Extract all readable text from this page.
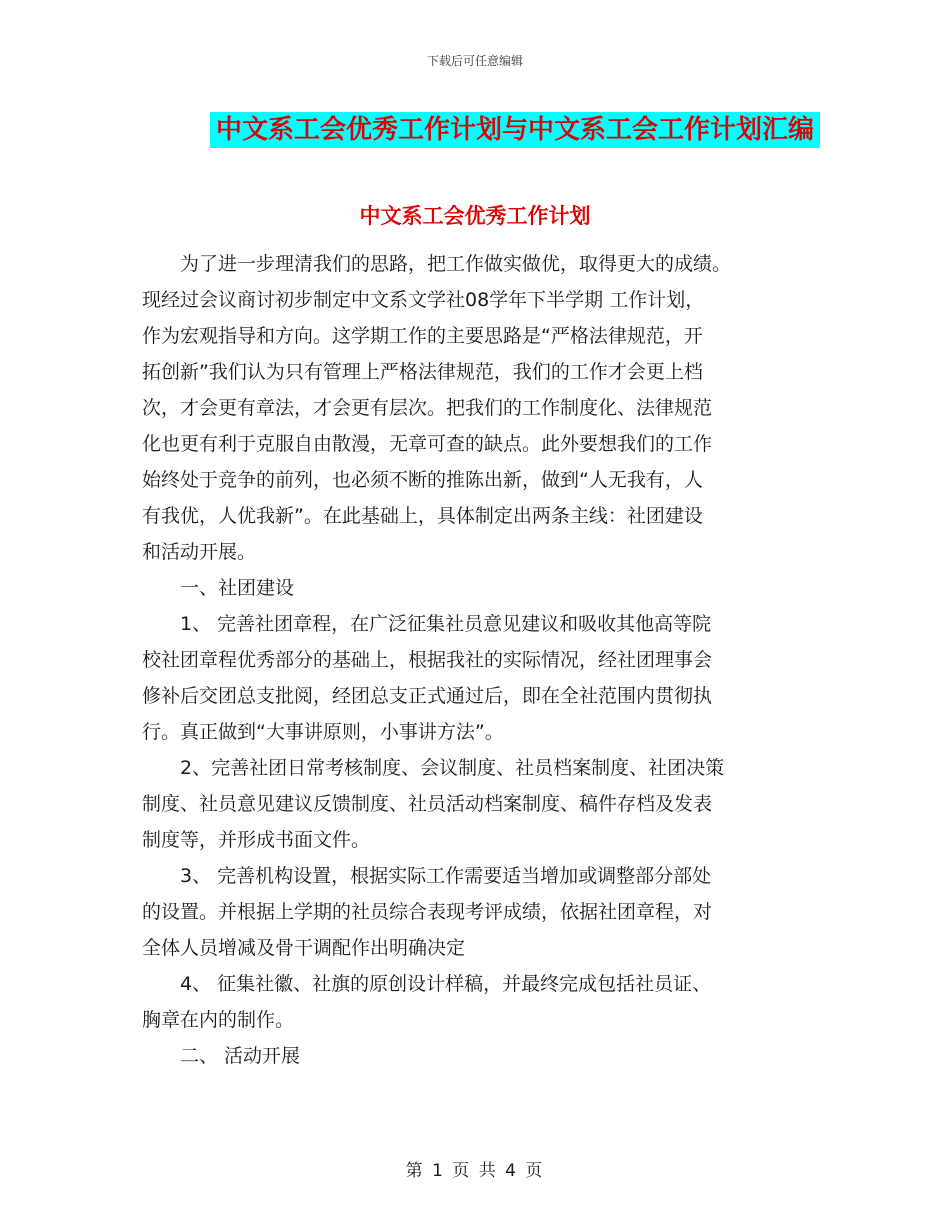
下载后可任意编辑
中文系工会优秀工作计划与中文系工会工作计划汇编
中文系工会优秀工作计划

为了进一步理清我们的思路，把工作做实做优，取得更大的成绩。
现经过会议商讨初步制定中文系文学社08学年下半学期 工作计划，
作为宏观指导和方向。这学期工作的主要思路是“严格法律规范，开
拓创新”我们认为只有管理上严格法律规范，我们的工作才会更上档
次，才会更有章法，才会更有层次。把我们的工作制度化、法律规范
化也更有利于克服自由散漫，无章可查的缺点。此外要想我们的工作
始终处于竞争的前列，也必须不断的推陈出新，做到“人无我有，人
有我优，人优我新”。在此基础上，具体制定出两条主线：社团建设
和活动开展。

一、社团建设

1、 完善社团章程，在广泛征集社员意见建议和吸收其他高等院
校社团章程优秀部分的基础上，根据我社的实际情况，经社团理事会
修补后交团总支批阅，经团总支正式通过后，即在全社范围内贯彻执
行。真正做到“大事讲原则，小事讲方法”。

2、完善社团日常考核制度、会议制度、社员档案制度、社团决策
制度、社员意见建议反馈制度、社员活动档案制度、稿件存档及发表
制度等，并形成书面文件。

3、 完善机构设置，根据实际工作需要适当增加或调整部分部处
的设置。并根据上学期的社员综合表现考评成绩，依据社团章程，对
全体人员增减及骨干调配作出明确决定

4、 征集社徽、社旗的原创设计样稿，并最终完成包括社员证、
胸章在内的制作。

二、 活动开展

第 1 页 共 4 页
